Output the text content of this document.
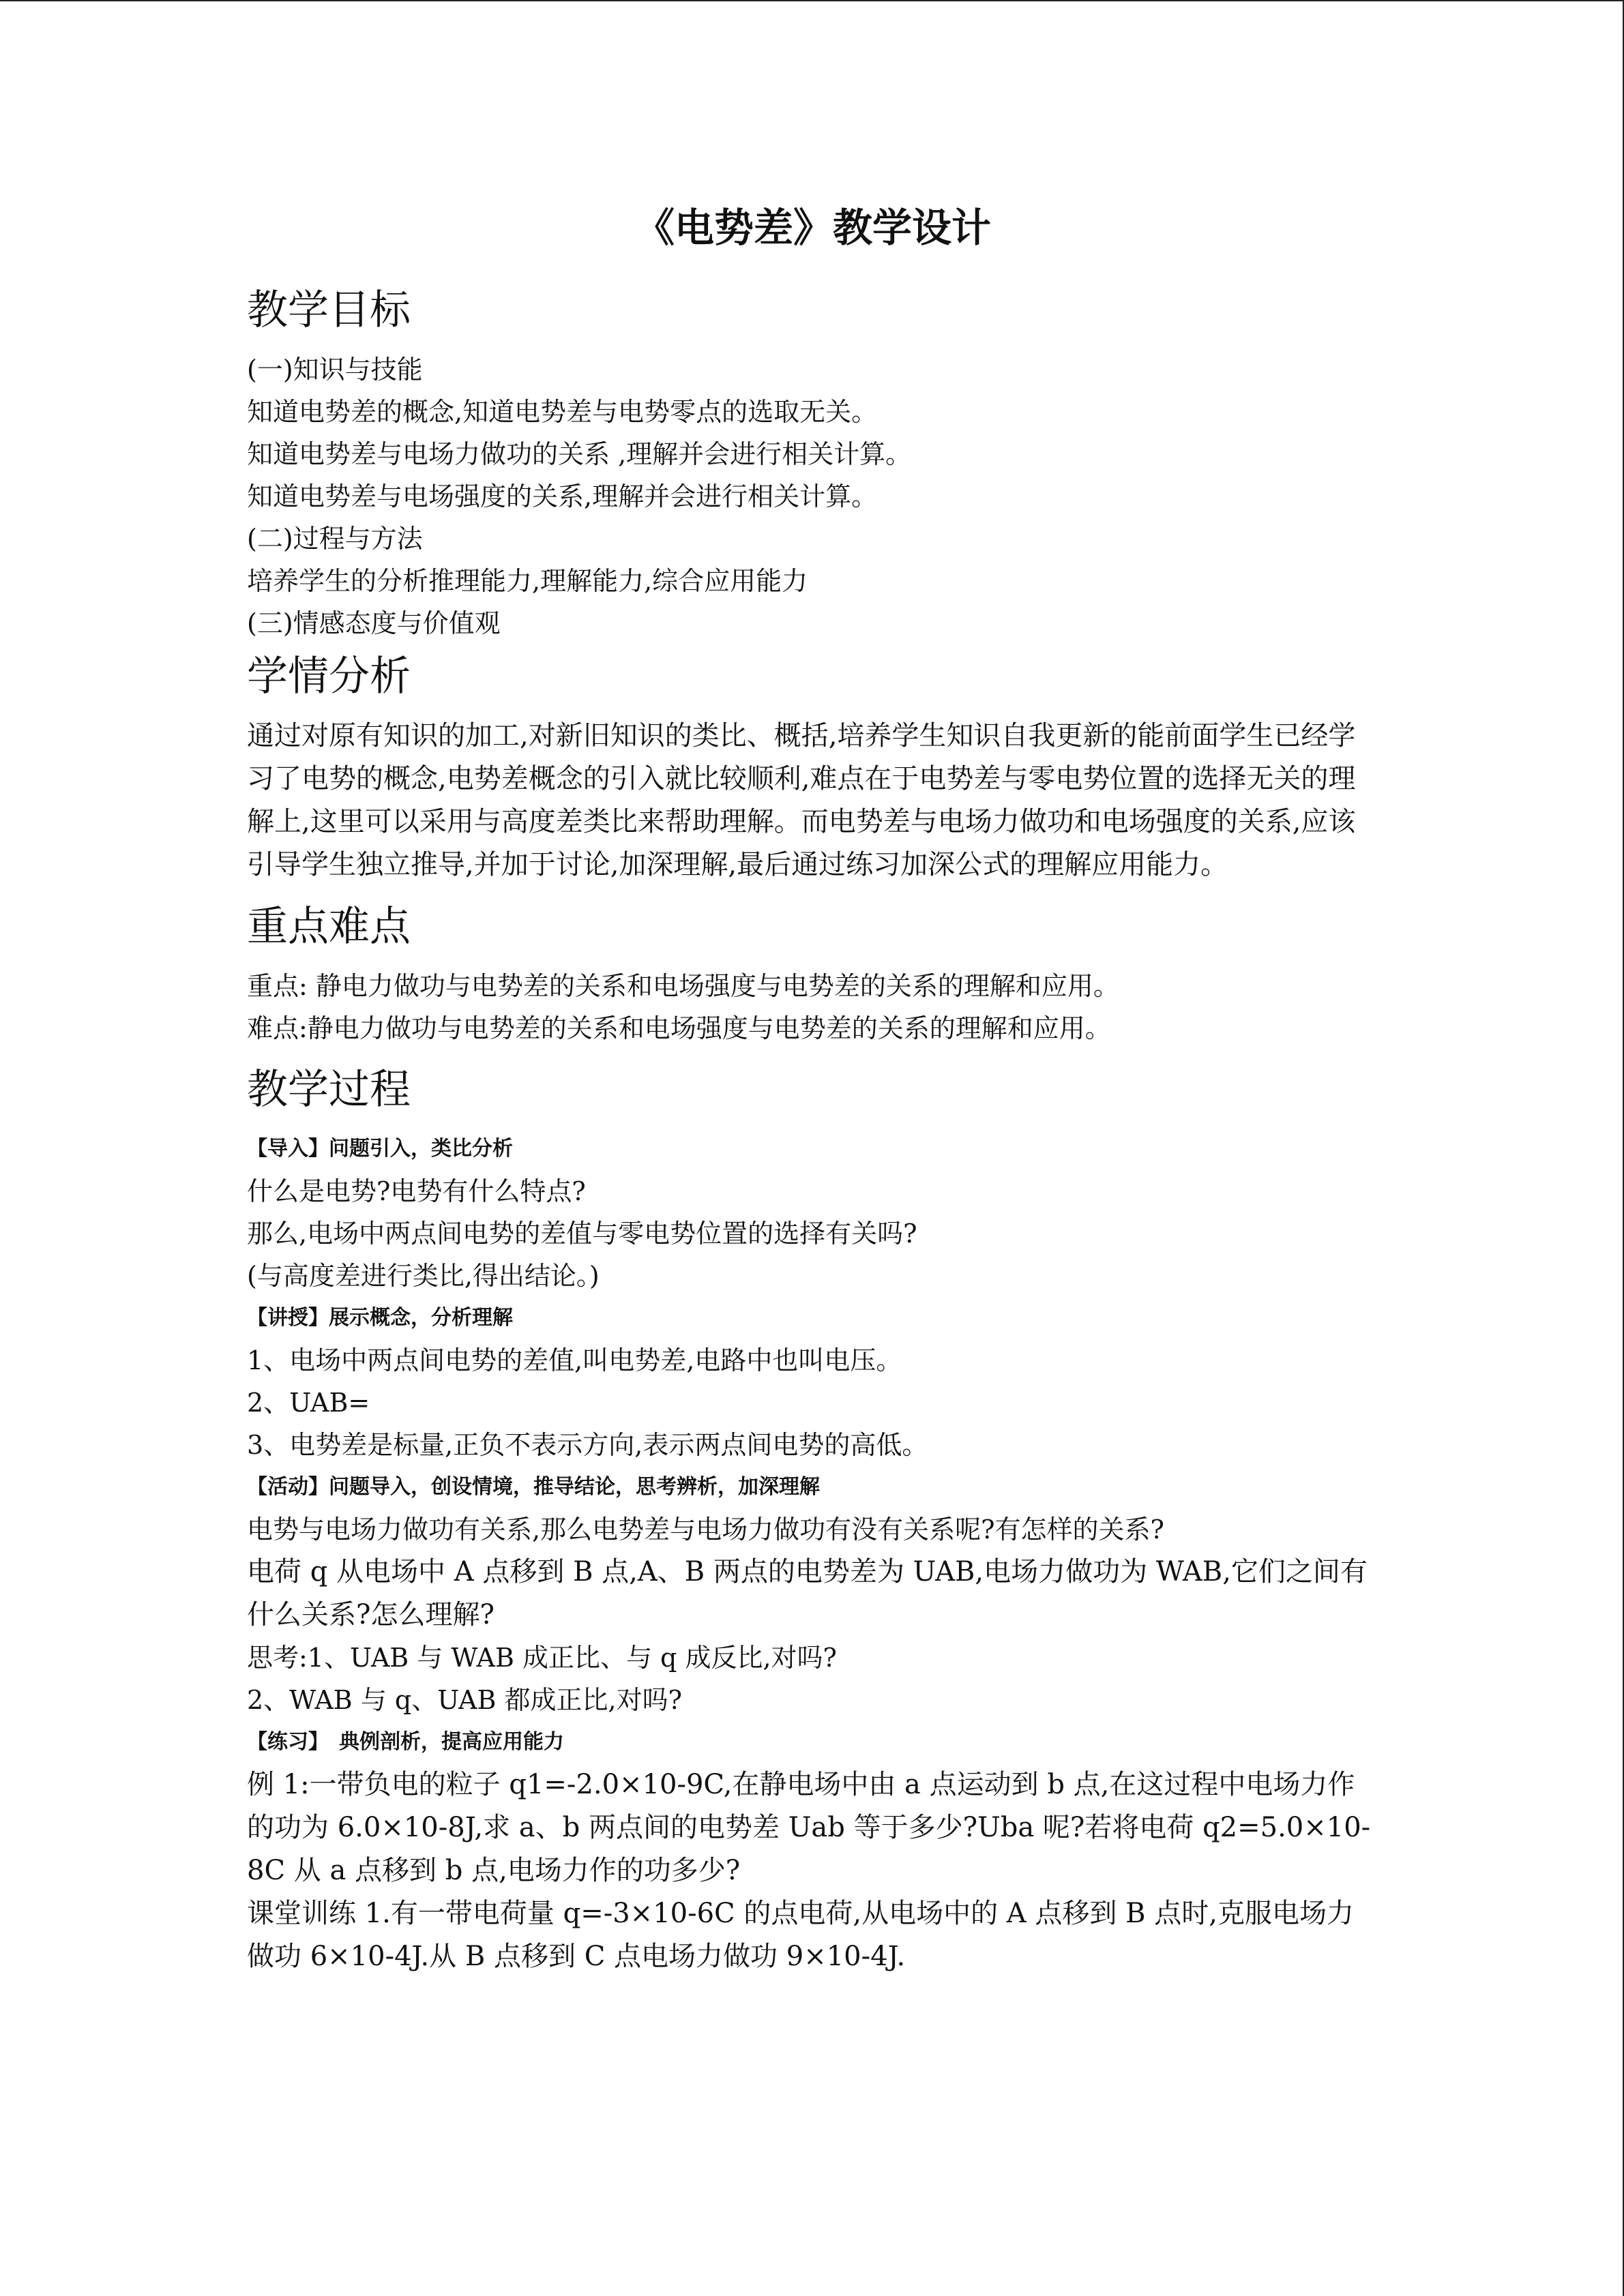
《电势差》教学设计
教学目标

(一)知识与技能

知道电势差的概念,知道电势差与电势零点的选取无关。

知道电势差与电场力做功的关系 ,理解并会进行相关计算。

知道电势差与电场强度的关系,理解并会进行相关计算。

(二)过程与方法

培养学生的分析推理能力,理解能力,综合应用能力

(三)情感态度与价值观

学情分析

通过对原有知识的加工,对新旧知识的类比、概括,培养学生知识自我更新的能前面学生已经学习了电势的概念,电势差概念的引入就比较顺利,难点在于电势差与零电势位置的选择无关的理解上,这里可以采用与高度差类比来帮助理解。而电势差与电场力做功和电场强度的关系,应该引导学生独立推导,并加于讨论,加深理解,最后通过练习加深公式的理解应用能力。

重点难点

重点: 静电力做功与电势差的关系和电场强度与电势差的关系的理解和应用。

难点:静电力做功与电势差的关系和电场强度与电势差的关系的理解和应用。

教学过程

【导入】问题引入，类比分析

什么是电势?电势有什么特点?

那么,电场中两点间电势的差值与零电势位置的选择有关吗?

(与高度差进行类比,得出结论。)

【讲授】展示概念，分析理解

1、电场中两点间电势的差值,叫电势差,电路中也叫电压。

2、UAB=

3、电势差是标量,正负不表示方向,表示两点间电势的高低。

【活动】问题导入，创设情境，推导结论，思考辨析，加深理解

电势与电场力做功有关系,那么电势差与电场力做功有没有关系呢?有怎样的关系?

电荷 q 从电场中 A 点移到 B 点,A、B 两点的电势差为 UAB,电场力做功为 WAB,它们之间有什么关系?怎么理解?

思考:1、UAB 与 WAB 成正比、与 q 成反比,对吗?

2、WAB 与 q、UAB 都成正比,对吗?

【练习】　典例剖析，提高应用能力

例 1:一带负电的粒子 q1=-2.0×10-9C,在静电场中由 a 点运动到 b 点,在这过程中电场力作的功为 6.0×10-8J,求 a、b 两点间的电势差 Uab 等于多少?Uba 呢?若将电荷 q2=5.0×10-8C 从 a 点移到 b 点,电场力作的功多少?

课堂训练 1.有一带电荷量 q=-3×10-6C 的点电荷,从电场中的 A 点移到 B 点时,克服电场力做功 6×10-4J.从 B 点移到 C 点电场力做功 9×10-4J.
